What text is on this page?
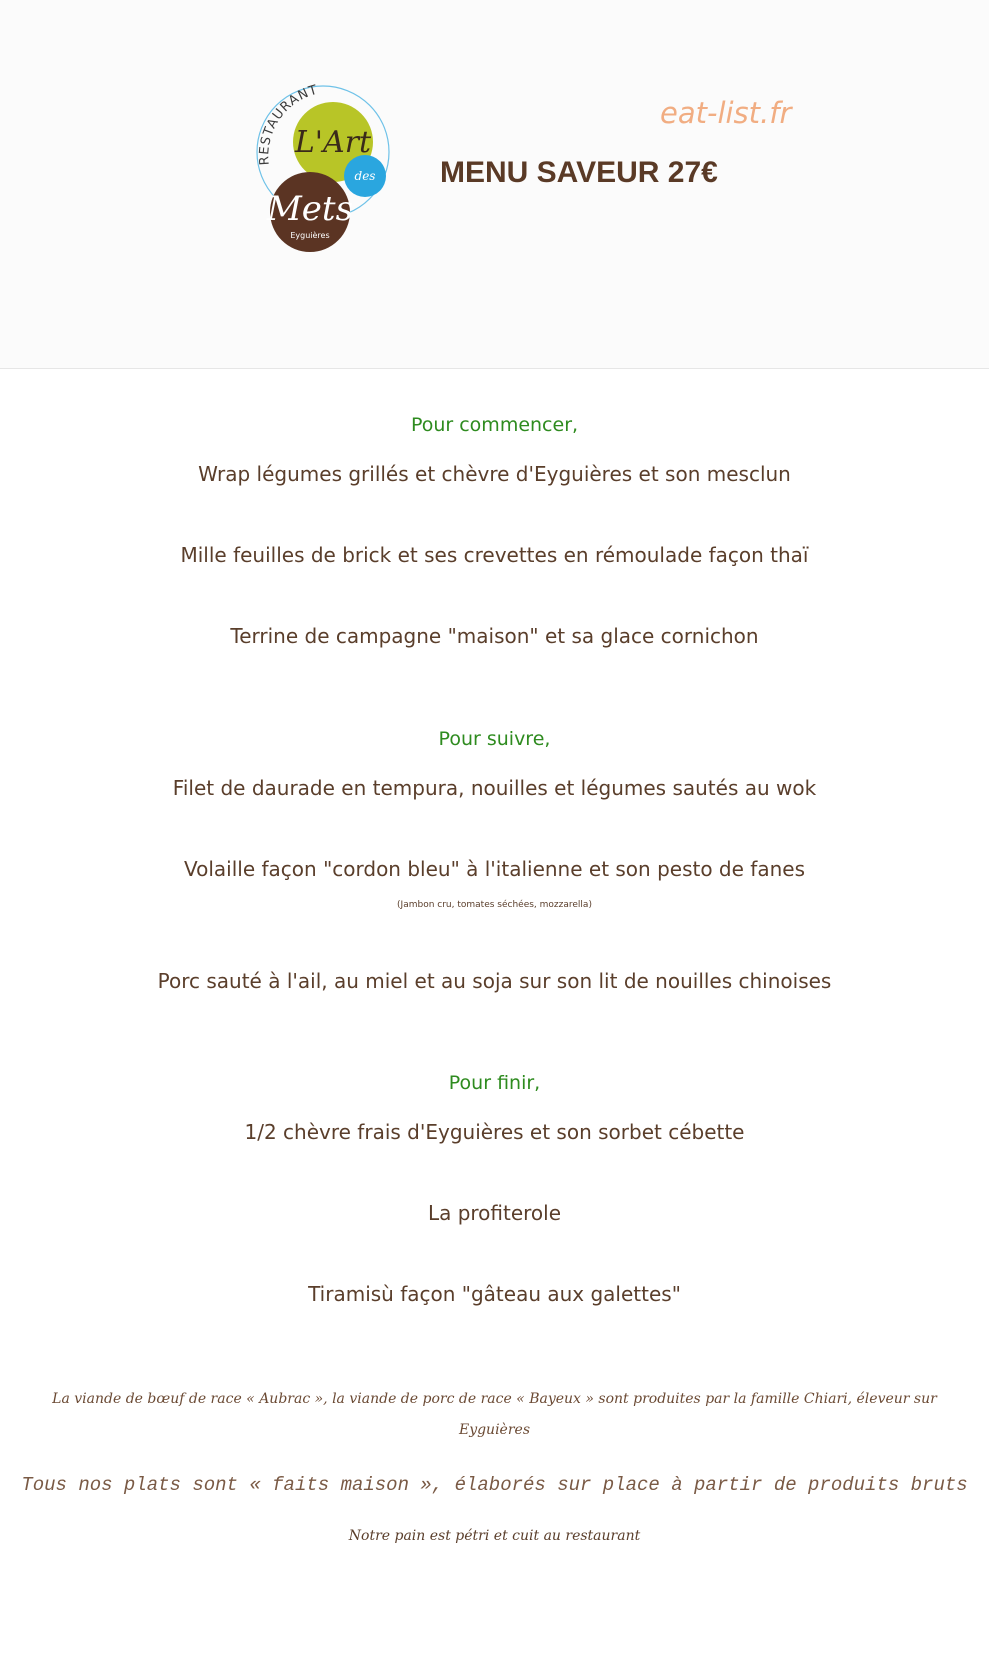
RESTAURANT
L'Art
des
Mets
Eyguières
eat-list.fr
MENU SAVEUR 27€
Pour commencer,
Wrap légumes grillés et chèvre d'Eyguières et son mesclun
Mille feuilles de brick et ses crevettes en rémoulade façon thaï
Terrine de campagne "maison" et sa glace cornichon
Pour suivre,
Filet de daurade en tempura, nouilles et légumes sautés au wok
Volaille façon "cordon bleu" à l'italienne et son pesto de fanes
(Jambon cru, tomates séchées, mozzarella)
Porc sauté à l'ail, au miel et au soja sur son lit de nouilles chinoises
Pour finir,
1/2 chèvre frais d'Eyguières et son sorbet cébette
La profiterole
Tiramisù façon "gâteau aux galettes"
La viande de bœuf de race « Aubrac », la viande de porc de race « Bayeux » sont produites par la famille Chiari, éleveur sur
Eyguières
Tous nos plats sont « faits maison », élaborés sur place à partir de produits bruts
Notre pain est pétri et cuit au restaurant
